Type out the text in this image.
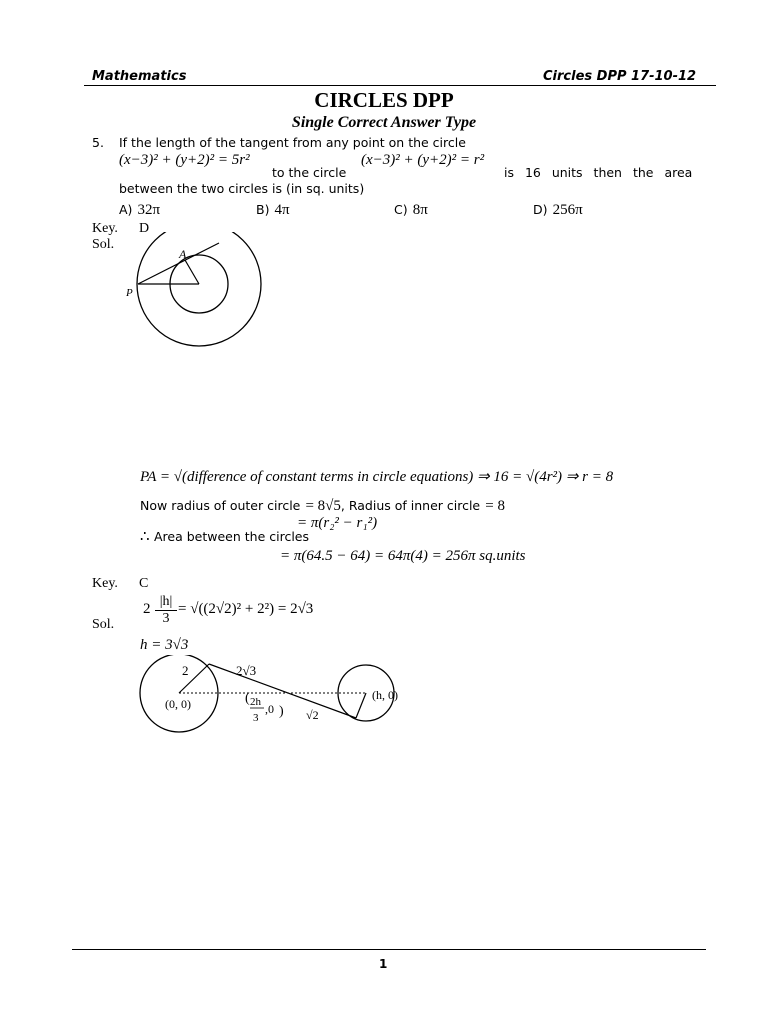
Mathematics	Circles DPP 17-10-12
CIRCLES DPP
Single Correct Answer Type
5. If the length of the tangent from any point on the circle
(x−3)² + (y+2)² = 5r²
to the circle
(x−3)² + (y+2)² = r²
is 16 units then the area
between the two circles is (in sq. units)
A) 32π	B) 4π	C) 8π	D) 256π
Key. D
Sol.
A
P
PA = √(difference of constant terms in circle equations) ⇒ 16 = √(4r²) ⇒ r = 8
Now radius of outer circle = 8√5, Radius of inner circle = 8
∴ Area between the circles
= π(r₂² − r₁²)
= π(64.5 − 64) = 64π(4) = 256π sq.units
Key. C
$2 \frac{|h|}{3} = √((2√2)^2 + 2^2) = 2√3$
Sol.
h = 3√3
2	2√3
(0, 0)
(h, 0)
√2
( 2h
3
,0 )
1
